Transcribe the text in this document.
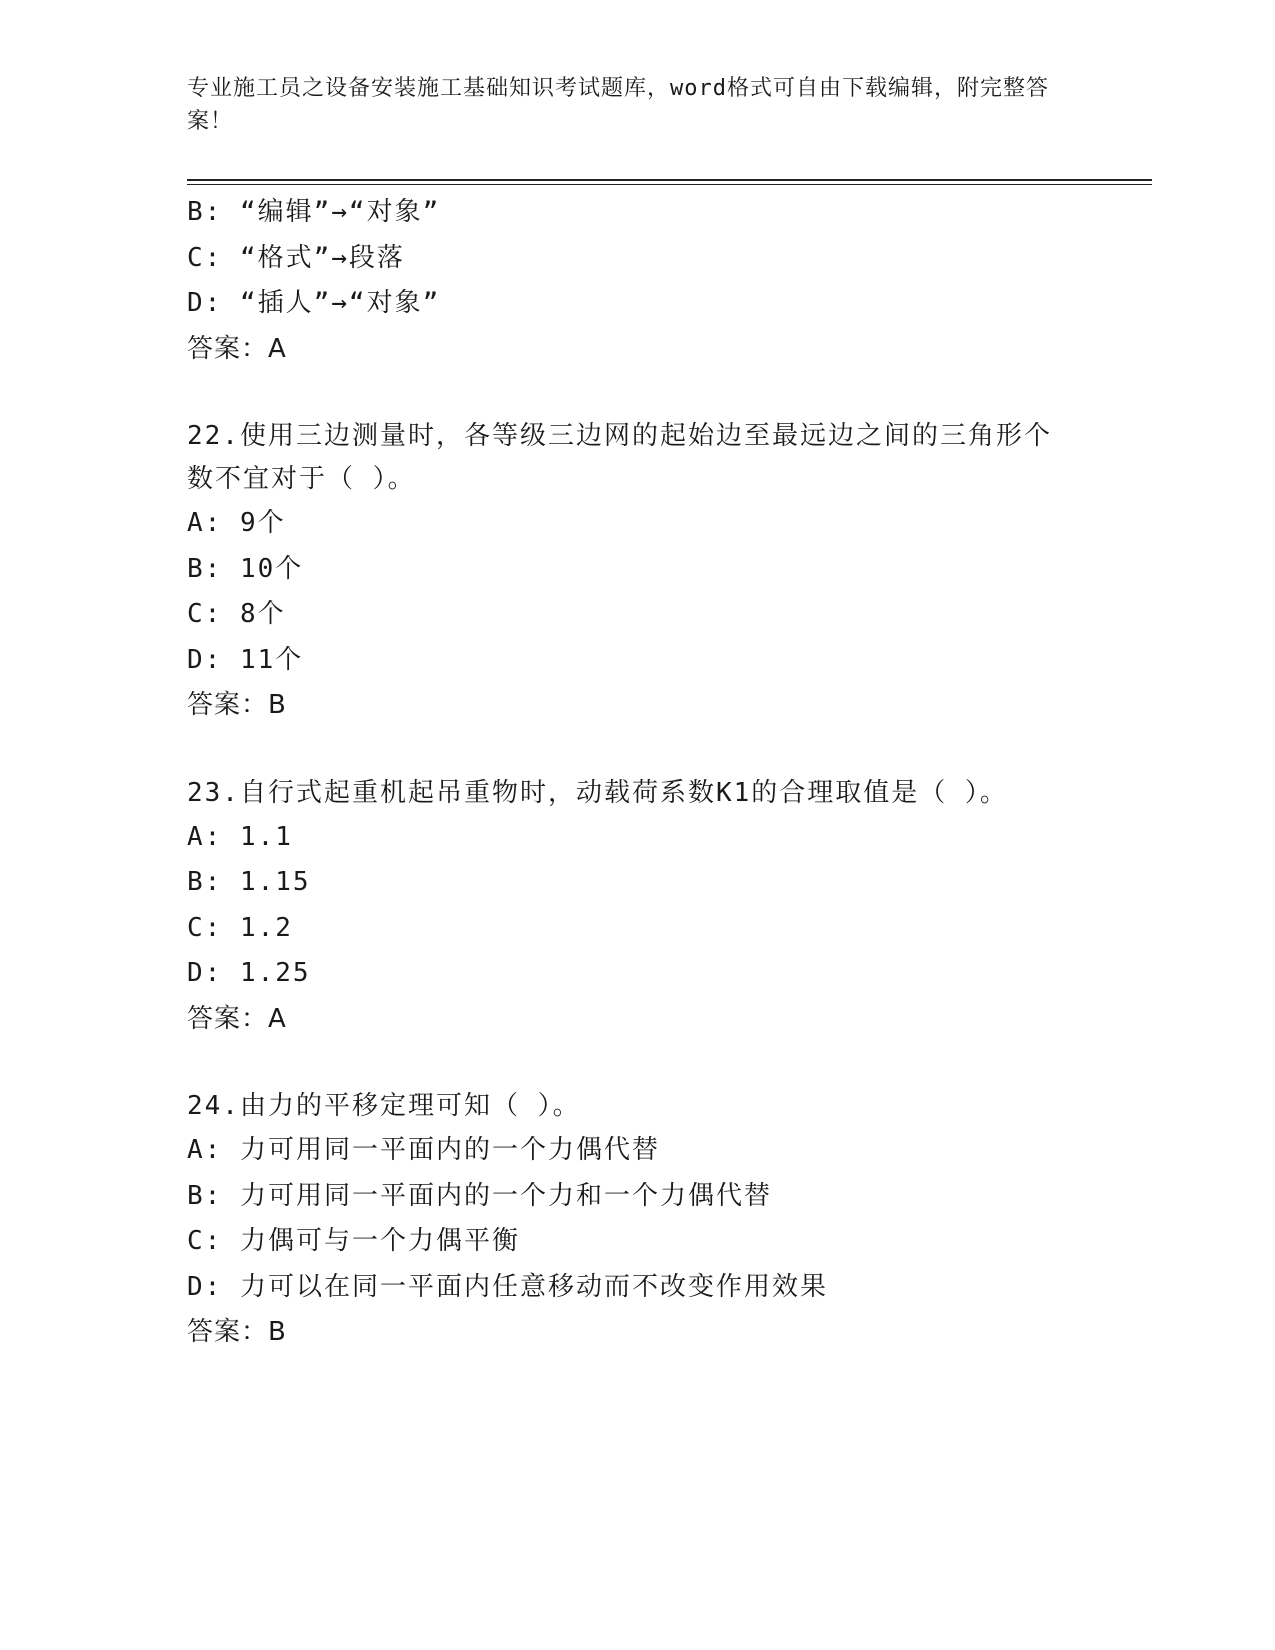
专业施工员之设备安装施工基础知识考试题库，word格式可自由下载编辑，附完整答案！
B: “编辑”→“对象”
C: “格式”→段落
D: “插人”→“对象”
答案：A
22.使用三边测量时，各等级三边网的起始边至最远边之间的三角形个
数不宜对于（ ）。
A: 9个
B: 10个
C: 8个
D: 11个
答案：B
23.自行式起重机起吊重物时，动载荷系数K1的合理取值是（ ）。
A: 1.1
B: 1.15
C: 1.2
D: 1.25
答案：A
24.由力的平移定理可知（ ）。
A: 力可用同一平面内的一个力偶代替
B: 力可用同一平面内的一个力和一个力偶代替
C: 力偶可与一个力偶平衡
D: 力可以在同一平面内任意移动而不改变作用效果
答案：B
